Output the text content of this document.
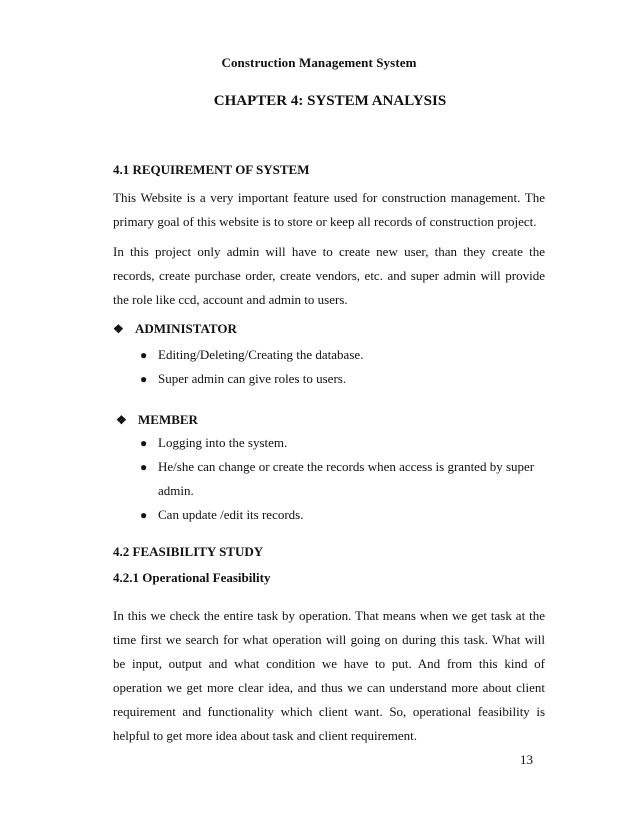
Construction Management System
CHAPTER 4: SYSTEM ANALYSIS
4.1 REQUIREMENT OF SYSTEM
This Website is a very important feature used for construction management. The
primary goal of this website is to store or keep all records of construction project.
In this project only admin will have to create new user, than they create the
records, create purchase order, create vendors, etc. and super admin will provide
the role like ccd, account and admin to users.
❖ ADMINISTATOR
● Editing/Deleting/Creating the database.
● Super admin can give roles to users.
❖ MEMBER
● Logging into the system.
● He/she can change or create the records when access is granted by super
admin.
● Can update /edit its records.
4.2 FEASIBILITY STUDY
4.2.1 Operational Feasibility
In this we check the entire task by operation. That means when we get task at the
time first we search for what operation will going on during this task. What will
be input, output and what condition we have to put. And from this kind of
operation we get more clear idea, and thus we can understand more about client
requirement and functionality which client want. So, operational feasibility is
helpful to get more idea about task and client requirement.
13
